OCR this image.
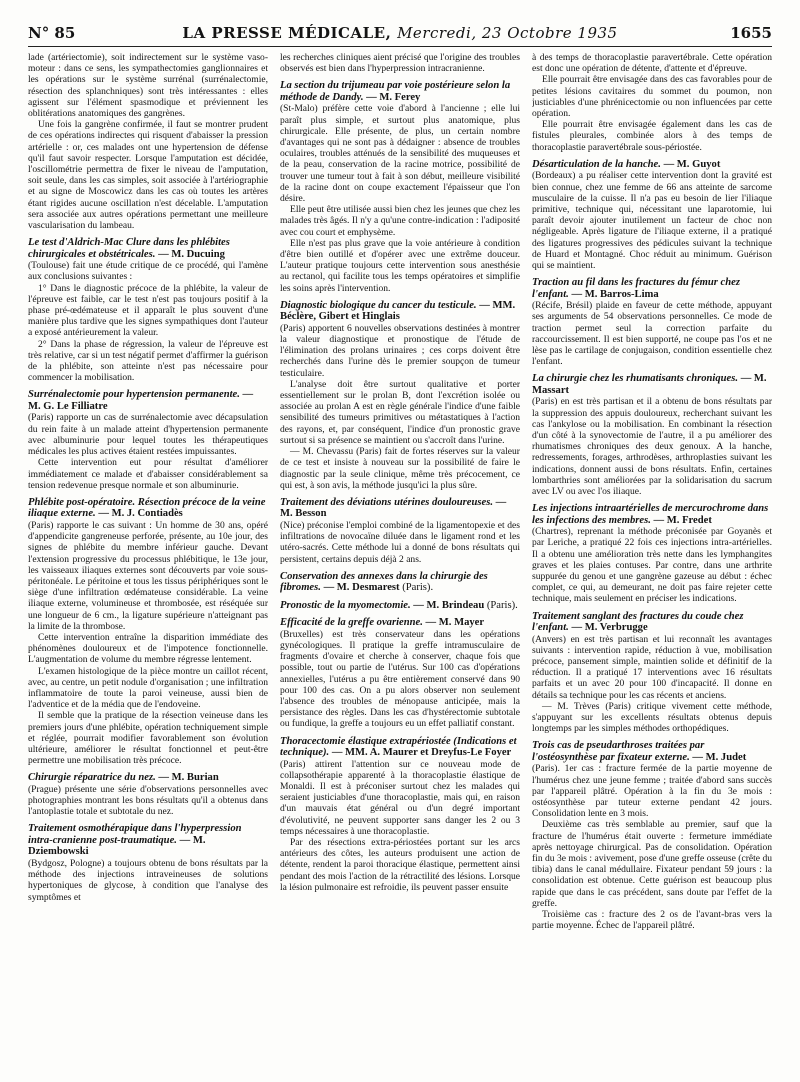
N° 85	LA PRESSE MÉDICALE, Mercredi, 23 Octobre 1935	1655

lade (artériectomie), soit indirectement sur le système vaso-moteur : dans ce sens, les sympathectomies ganglionnaires et les opérations sur le système surrénal (surrénalectomie, résection des splanchniques) sont très intéressantes : elles agissent sur l'élément spasmodique et préviennent les oblitérations anatomiques des gangrènes.

Une fois la gangrène confirmée, il faut se montrer prudent de ces opérations indirectes qui risquent d'abaisser la pression artérielle : or, ces malades ont une hypertension de défense qu'il faut savoir respecter. Lorsque l'amputation est décidée, l'oscillométrie permettra de fixer le niveau de l'amputation, soit seule, dans les cas simples, soit associée à l'artériographie et au signe de Moscowicz dans les cas où toutes les artères étant rigides aucune oscillation n'est décelable. L'amputation sera associée aux autres opérations permettant une meilleure vascularisation du lambeau.

Le test d'Aldrich-Mac Clure dans les phlébites chirurgicales et obstétricales. — M. Ducuing

(Toulouse) fait une étude critique de ce procédé, qui l'amène aux conclusions suivantes :

1° Dans le diagnostic précoce de la phlébite, la valeur de l'épreuve est faible, car le test n'est pas toujours positif à la phase pré-œdémateuse et il apparaît le plus souvent d'une manière plus tardive que les signes sympathiques dont l'auteur a exposé antérieurement la valeur.

2° Dans la phase de régression, la valeur de l'épreuve est très relative, car si un test négatif permet d'affirmer la guérison de la phlébite, son atteinte n'est pas nécessaire pour commencer la mobilisation.

Surrénalectomie pour hypertension permanente. — M. G. Le Filliatre

(Paris) rapporte un cas de surrénalectomie avec décapsulation du rein faite à un malade atteint d'hypertension permanente avec albuminurie pour lequel toutes les thérapeutiques médicales les plus actives étaient restées impuissantes.

Cette intervention eut pour résultat d'améliorer immédiatement ce malade et d'abaisser considérablement sa tension redevenue presque normale et son albuminurie.

Phlébite post-opératoire. Résection précoce de la veine iliaque externe. — M. J. Contiadès

(Paris) rapporte le cas suivant : Un homme de 30 ans, opéré d'appendicite gangreneuse perforée, présente, au 10e jour, des signes de phlébite du membre inférieur gauche. Devant l'extension progressive du processus phlébitique, le 13e jour, les vaisseaux iliaques externes sont découverts par voie sous-péritonéale. Le péritoine et tous les tissus périphériques sont le siège d'une infiltration œdémateuse considérable. La veine iliaque externe, volumineuse et thrombosée, est réséquée sur une longueur de 6 cm., la ligature supérieure n'atteignant pas la limite de la thrombose.

Cette intervention entraîne la disparition immédiate des phénomènes douloureux et de l'impotence fonctionnelle. L'augmentation de volume du membre régresse lentement.

L'examen histologique de la pièce montre un caillot récent, avec, au centre, un petit nodule d'organisation ; une infiltration inflammatoire de toute la paroi veineuse, aussi bien de l'adventice et de la média que de l'endoveine.

Il semble que la pratique de la résection veineuse dans les premiers jours d'une phlébite, opération techniquement simple et réglée, pourrait modifier favorablement son évolution ultérieure, améliorer le résultat fonctionnel et peut-être permettre une mobilisation très précoce.

Chirurgie réparatrice du nez. — M. Burian

(Prague) présente une série d'observations personnelles avec photographies montrant les bons résultats qu'il a obtenus dans l'antoplastie totale et subtotale du nez.

Traitement osmothérapique dans l'hyperpression intra-cranienne post-traumatique. — M. Dziembowski

(Bydgosz, Pologne) a toujours obtenu de bons résultats par la méthode des injections intraveineuses de solutions hypertoniques de glycose, à condition que l'analyse des symptômes et

les recherches cliniques aient précisé que l'origine des troubles observés est bien dans l'hyperpression intracranienne.

La section du trijumeau par voie postérieure selon la méthode de Dandy. — M. Ferey

(St-Malo) préfère cette voie d'abord à l'ancienne ; elle lui paraît plus simple, et surtout plus anatomique, plus chirurgicale. Elle présente, de plus, un certain nombre d'avantages qui ne sont pas à dédaigner : absence de troubles oculaires, troubles atténués de la sensibilité des muqueuses et de la peau, conservation de la racine motrice, possibilité de trouver une tumeur tout à fait à son début, meilleure visibilité de la racine dont on coupe exactement l'épaisseur que l'on désire.

Elle peut être utilisée aussi bien chez les jeunes que chez les malades très âgés. Il n'y a qu'une contre-indication : l'adiposité avec cou court et emphysème.

Elle n'est pas plus grave que la voie antérieure à condition d'être bien outillé et d'opérer avec une extrême douceur. L'auteur pratique toujours cette intervention sous anesthésie au rectanol, qui facilite tous les temps opératoires et simplifie les soins après l'intervention.

Diagnostic biologique du cancer du testicule. — MM. Béclère, Gibert et Hinglais

(Paris) apportent 6 nouvelles observations destinées à montrer la valeur diagnostique et pronostique de l'étude de l'élimination des prolans urinaires ; ces corps doivent être recherchés dans l'urine dès le premier soupçon de tumeur testiculaire.

L'analyse doit être surtout qualitative et porter essentiellement sur le prolan B, dont l'excrétion isolée ou associée au prolan A est en règle générale l'indice d'une faible sensibilité des tumeurs primitives ou métastatiques à l'action des rayons, et, par conséquent, l'indice d'un pronostic grave surtout si sa présence se maintient ou s'accroît dans l'urine.

— M. Chevassu (Paris) fait de fortes réserves sur la valeur de ce test et insiste à nouveau sur la possibilité de faire le diagnostic par la seule clinique, même très précocement, ce qui est, à son avis, la méthode jusqu'ici la plus sûre.

Traitement des déviations utérines douloureuses. — M. Besson

(Nice) préconise l'emploi combiné de la ligamentopexie et des infiltrations de novocaïne diluée dans le ligament rond et les utéro-sacrés. Cette méthode lui a donné de bons résultats qui persistent, certains depuis déjà 2 ans.

Conservation des annexes dans la chirurgie des fibromes. — M. Desmarest (Paris).
Pronostic de la myomectomie. — M. Brindeau (Paris).
Efficacité de la greffe ovarienne. — M. Mayer

(Bruxelles) est très conservateur dans les opérations gynécologiques. Il pratique la greffe intramusculaire de fragments d'ovaire et cherche à conserver, chaque fois que possible, tout ou partie de l'utérus. Sur 100 cas d'opérations annexielles, l'utérus a pu être entièrement conservé dans 90 pour 100 des cas. On a pu alors observer non seulement l'absence des troubles de ménopause anticipée, mais la persistance des règles. Dans les cas d'hystérectomie subtotale ou fundique, la greffe a toujours eu un effet palliatif constant.

Thoracectomie élastique extrapériostée (Indications et technique). — MM. A. Maurer et Dreyfus-Le Foyer

(Paris) attirent l'attention sur ce nouveau mode de collapsothérapie apparenté à la thoracoplastie élastique de Monaldi. Il est à préconiser surtout chez les malades qui seraient justiciables d'une thoracoplastie, mais qui, en raison d'un mauvais état général ou d'un degré important d'évolutivité, ne peuvent supporter sans danger les 2 ou 3 temps nécessaires à une thoracoplastie.

Par des résections extra-périostées portant sur les arcs antérieurs des côtes, les auteurs produisent une action de détente, rendent la paroi thoracique élastique, permettent ainsi pendant des mois l'action de la rétractilité des lésions. Lorsque la lésion pulmonaire est refroidie, ils peuvent passer ensuite

à des temps de thoracoplastie paravertébrale. Cette opération est donc une opération de détente, d'attente et d'épreuve.

Elle pourrait être envisagée dans des cas favorables pour de petites lésions cavitaires du sommet du poumon, non justiciables d'une phrénicectomie ou non influencées par cette opération.

Elle pourrait être envisagée également dans les cas de fistules pleurales, combinée alors à des temps de thoracoplastie paravertébrale sous-périostée.

Désarticulation de la hanche. — M. Guyot

(Bordeaux) a pu réaliser cette intervention dont la gravité est bien connue, chez une femme de 66 ans atteinte de sarcome musculaire de la cuisse. Il n'a pas eu besoin de lier l'iliaque primitive, technique qui, nécessitant une laparotomie, lui paraît devoir ajouter inutilement un facteur de choc non négligeable. Après ligature de l'iliaque externe, il a pratiqué des ligatures progressives des pédicules suivant la technique de Huard et Montagné. Choc réduit au minimum. Guérison qui se maintient.

Traction au fil dans les fractures du fémur chez l'enfant. — M. Barros-Lima

(Récife, Brésil) plaide en faveur de cette méthode, appuyant ses arguments de 54 observations personnelles. Ce mode de traction permet seul la correction parfaite du raccourcissement. Il est bien supporté, ne coupe pas l'os et ne lèse pas le cartilage de conjugaison, condition essentielle chez l'enfant.

La chirurgie chez les rhumatisants chroniques. — M. Massart

(Paris) en est très partisan et il a obtenu de bons résultats par la suppression des appuis douloureux, recherchant suivant les cas l'ankylose ou la mobilisation. En combinant la résection d'un côté à la synovectomie de l'autre, il a pu améliorer des rhumatismes chroniques des deux genoux. A la hanche, redressements, forages, arthrodèses, arthroplasties suivant les indications, donnent aussi de bons résultats. Enfin, certaines lombarthries sont améliorées par la solidarisation du sacrum avec LV ou avec l'os iliaque.

Les injections intraartérielles de mercurochrome dans les infections des membres. — M. Fredet

(Chartres), reprenant la méthode préconisée par Goyanès et par Leriche, a pratiqué 22 fois ces injections intra-artérielles. Il a obtenu une amélioration très nette dans les lymphangites graves et les plaies contuses. Par contre, dans une arthrite suppurée du genou et une gangrène gazeuse au début : échec complet, ce qui, au demeurant, ne doit pas faire rejeter cette technique, mais seulement en préciser les indications.

Traitement sanglant des fractures du coude chez l'enfant. — M. Verbrugge

(Anvers) en est très partisan et lui reconnaît les avantages suivants : intervention rapide, réduction à vue, mobilisation précoce, pansement simple, maintien solide et définitif de la réduction. Il a pratiqué 17 interventions avec 16 résultats parfaits et un avec 20 pour 100 d'incapacité. Il donne en détails sa technique pour les cas récents et anciens.

— M. Trèves (Paris) critique vivement cette méthode, s'appuyant sur les excellents résultats obtenus depuis longtemps par les simples méthodes orthopédiques.

Trois cas de pseudarthroses traitées par l'ostéosynthèse par fixateur externe. — M. Judet

(Paris). 1er cas : fracture fermée de la partie moyenne de l'humérus chez une jeune femme ; traitée d'abord sans succès par l'appareil plâtré. Opération à la fin du 3e mois : ostéosynthèse par tuteur externe pendant 42 jours. Consolidation lente en 3 mois.

Deuxième cas très semblable au premier, sauf que la fracture de l'humérus était ouverte : fermeture immédiate après nettoyage chirurgical. Pas de consolidation. Opération fin du 3e mois : avivement, pose d'une greffe osseuse (crête du tibia) dans le canal médullaire. Fixateur pendant 59 jours : la consolidation est obtenue. Cette guérison est beaucoup plus rapide que dans le cas précédent, sans doute par l'effet de la greffe.

Troisième cas : fracture des 2 os de l'avant-bras vers la partie moyenne. Échec de l'appareil plâtré.
